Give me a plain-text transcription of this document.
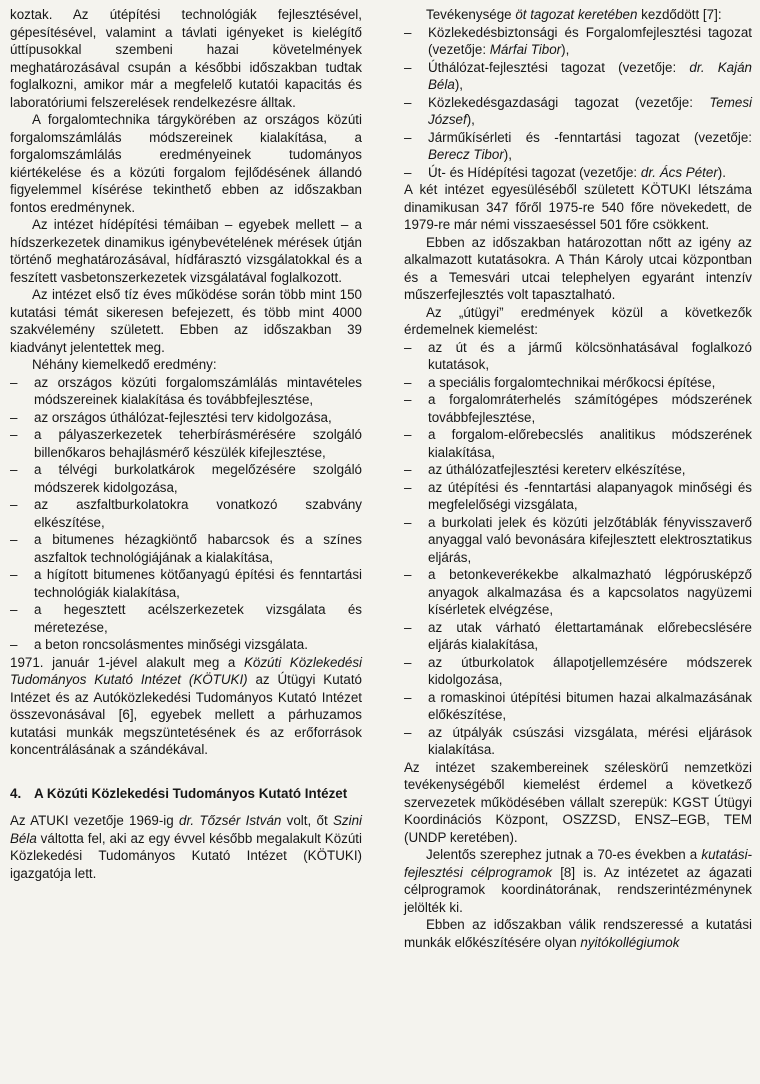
koztak. Az útépítési technológiák fejlesztésével, gépesítésével, valamint a távlati igényeket is kielégítő úttípusokkal szembeni hazai követelmények meghatározásával csupán a későbbi időszakban tudtak foglalkozni, amikor már a megfelelő kutatói kapacitás és laboratóriumi felszerelések rendelkezésre álltak.

A forgalomtechnika tárgykörében az országos közúti forgalomszámlálás módszereinek kialakítása, a forgalomszámlálás eredményeinek tudományos kiértékelése és a közúti forgalom fejlődésének állandó figyelemmel kísérése tekinthető ebben az időszakban fontos eredménynek.

Az intézet hídépítési témáiban – egyebek mellett – a hídszerkezetek dinamikus igénybevételének mérések útján történő meghatározásával, hídfárasztó vizsgálatokkal és a feszített vasbetonszerkezetek vizsgálatával foglalkozott.

Az intézet első tíz éves működése során több mint 150 kutatási témát sikeresen befejezett, és több mint 4000 szakvélemény született. Ebben az időszakban 39 kiadványt jelentettek meg.

Néhány kiemelkedő eredmény:

–	az országos közúti forgalomszámlálás mintavételes módszereinek kialakítása és továbbfejlesztése,
–	az országos úthálózat-fejlesztési terv kidolgozása,
–	a pályaszerkezetek teherbírásmérésére szolgáló billenőkaros behajlásmérő készülék kifejlesztése,
–	a télvégi burkolatkárok megelőzésére szolgáló módszerek kidolgozása,
–	az aszfaltburkolatokra vonatkozó szabvány elkészítése,
–	a bitumenes hézagkiöntő habarcsok és a színes aszfaltok technológiájának a kialakítása,
–	a hígított bitumenes kötőanyagú építési és fenntartási technológiák kialakítása,
–	a hegesztett acélszerkezetek vizsgálata és méretezése,
–	a beton roncsolásmentes minőségi vizsgálata.

1971. január 1-jével alakult meg a Közúti Közlekedési Tudományos Kutató Intézet (KÖTUKI) az Útügyi Kutató Intézet és az Autóközlekedési Tudományos Kutató Intézet összevonásával [6], egyebek mellett a párhuzamos kutatási munkák megszüntetésének és az erőforrások koncentrálásának a szándékával.

4. A Közúti Közlekedési Tudományos Kutató Intézet

Az ATUKI vezetője 1969-ig dr. Tőzsér István volt, őt Szini Béla váltotta fel, aki az egy évvel később megalakult Közúti Közlekedési Tudományos Kutató Intézet (KÖTUKI) igazgatója lett.

Tevékenysége öt tagozat keretében kezdődött [7]:

–	Közlekedésbiztonsági és Forgalomfejlesztési tagozat (vezetője: Márfai Tibor),
–	Úthálózat-fejlesztési tagozat (vezetője: dr. Kaján Béla),
–	Közlekedésgazdasági tagozat (vezetője: Temesi József),
–	Járműkísérleti és -fenntartási tagozat (vezetője: Berecz Tibor),
–	Út- és Hídépítési tagozat (vezetője: dr. Ács Péter).

A két intézet egyesüléséből született KÖTUKI létszáma dinamikusan 347 főről 1975-re 540 főre növekedett, de 1979-re már némi visszaeséssel 501 főre csökkent.

Ebben az időszakban határozottan nőtt az igény az alkalmazott kutatásokra. A Thán Károly utcai központban és a Temesvári utcai telephelyen egyaránt intenzív műszerfejlesztés volt tapasztalható.

Az „útügyi” eredmények közül a következők érdemelnek kiemelést:

–	az út és a jármű kölcsönhatásával foglalkozó kutatások,
–	a speciális forgalomtechnikai mérőkocsi építése,
–	a forgalomráterhelés számítógépes módszerének továbbfejlesztése,
–	a forgalom-előrebecslés analitikus módszerének kialakítása,
–	az úthálózatfejlesztési kereterv elkészítése,
–	az útépítési és -fenntartási alapanyagok minőségi és megfelelőségi vizsgálata,
–	a burkolati jelek és közúti jelzőtáblák fényvisszaverő anyaggal való bevonására kifejlesztett elektrosztatikus eljárás,
–	a betonkeverékekbe alkalmazható légpórusképző anyagok alkalmazása és a kapcsolatos nagyüzemi kísérletek elvégzése,
–	az utak várható élettartamának előrebecslésére eljárás kialakítása,
–	az útburkolatok állapotjellemzésére módszerek kidolgozása,
–	a romaskinoi útépítési bitumen hazai alkalmazásának előkészítése,
–	az útpályák csúszási vizsgálata, mérési eljárások kialakítása.

Az intézet szakembereinek széleskörű nemzetközi tevékenységéből kiemelést érdemel a következő szervezetek működésében vállalt szerepük: KGST Útügyi Koordinációs Központ, OSZZSD, ENSZ–EGB, TEM (UNDP keretében).

Jelentős szerephez jutnak a 70-es években a kutatási-fejlesztési célprogramok [8] is. Az intézetet az ágazati célprogramok koordinátorának, rendszerintézménynek jelölték ki.

Ebben az időszakban válik rendszeressé a kutatási munkák előkészítésére olyan nyitókollégiumok
